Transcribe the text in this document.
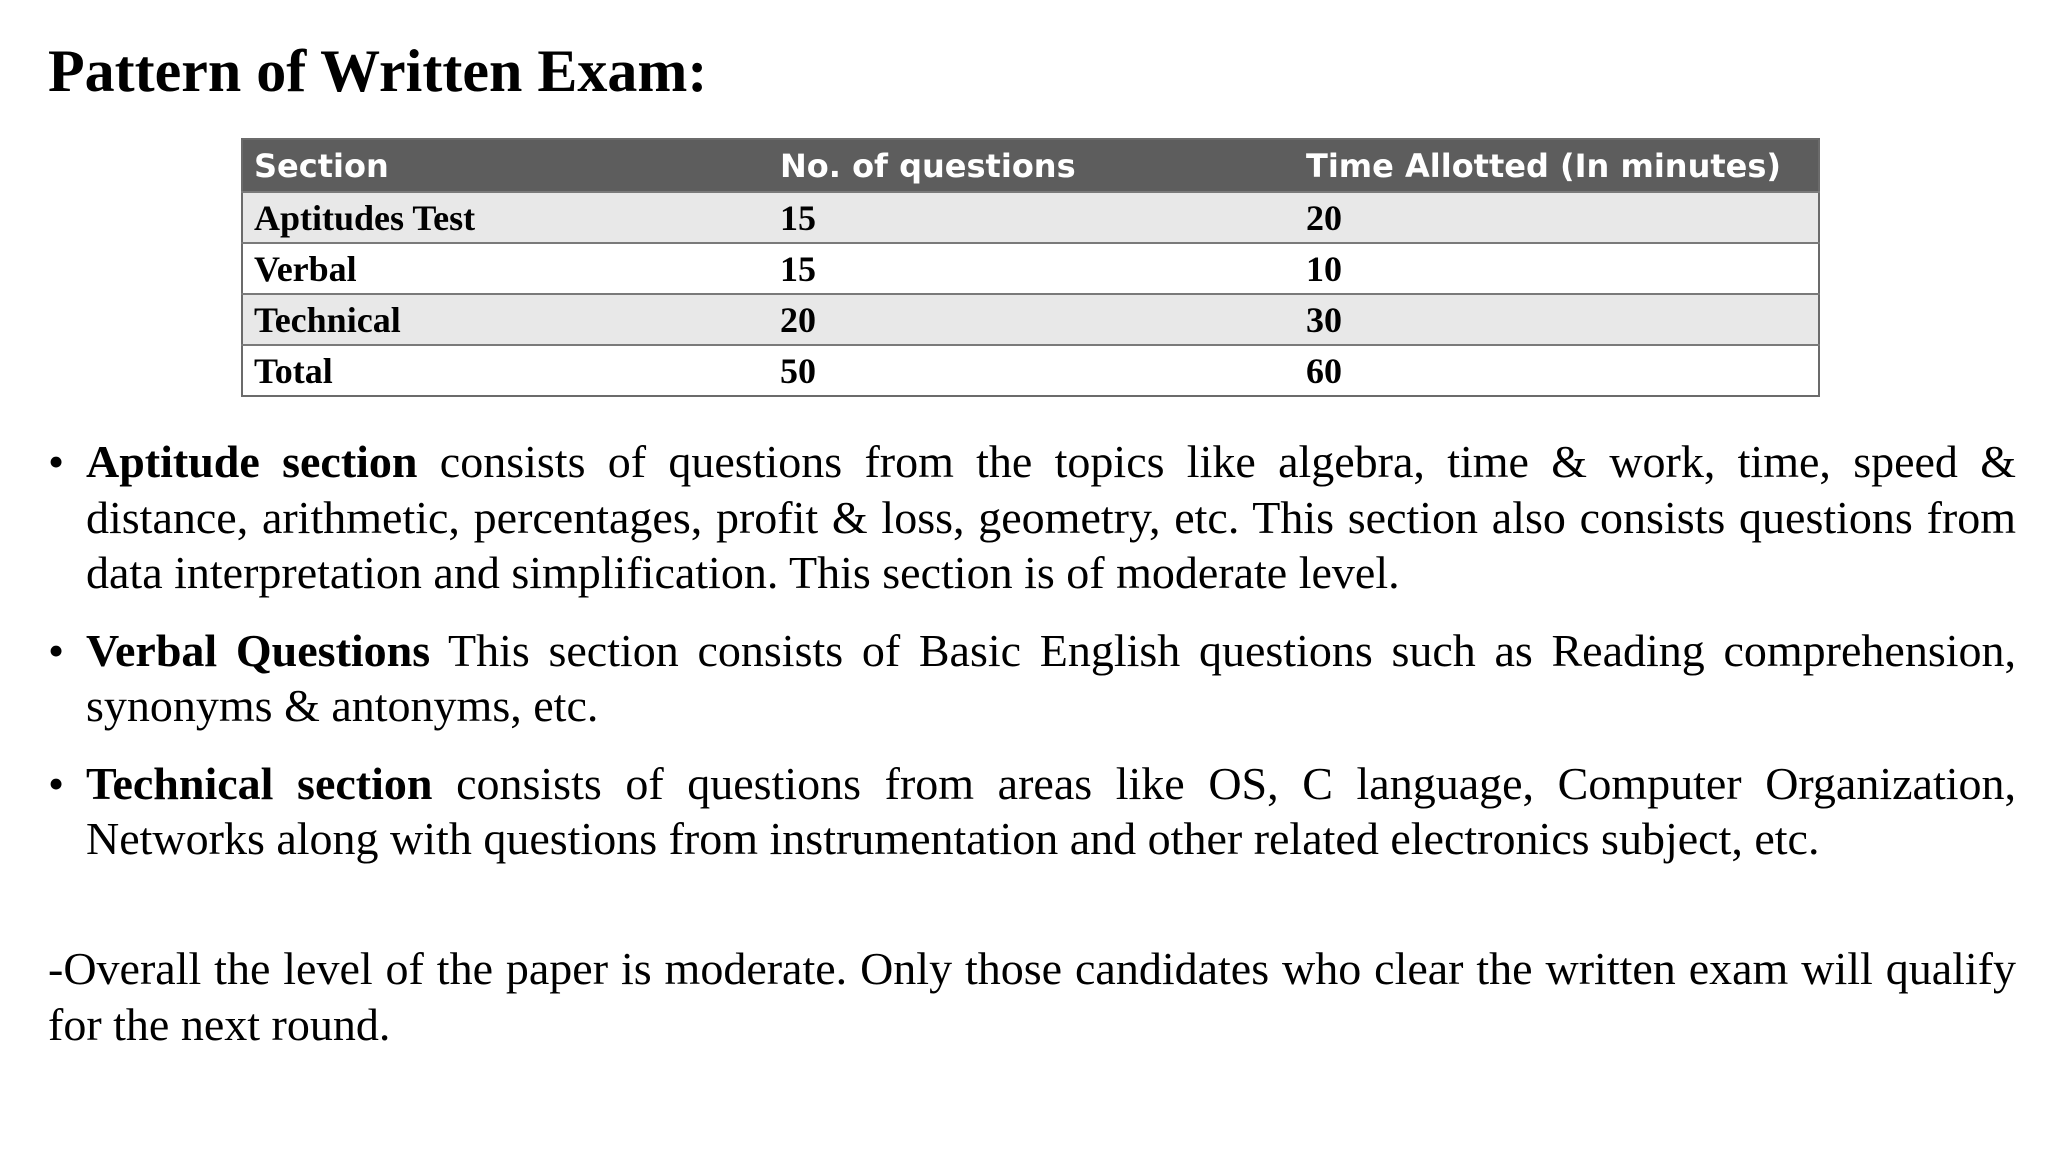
Pattern of Written Exam:
Section	No. of questions	Time Allotted (In minutes)
Aptitudes Test	15	20
Verbal	15	10
Technical	20	30
Total	50	60
• Aptitude section consists of questions from the topics like algebra, time & work, time, speed & distance, arithmetic, percentages, profit & loss, geometry, etc. This section also consists questions from data interpretation and simplification. This section is of moderate level.
• Verbal Questions This section consists of Basic English questions such as Reading comprehension, synonyms & antonyms, etc.
• Technical section consists of questions from areas like OS, C language, Computer Organization, Networks along with questions from instrumentation and other related electronics subject, etc.

-Overall the level of the paper is moderate. Only those candidates who clear the written exam will qualify for the next round.
